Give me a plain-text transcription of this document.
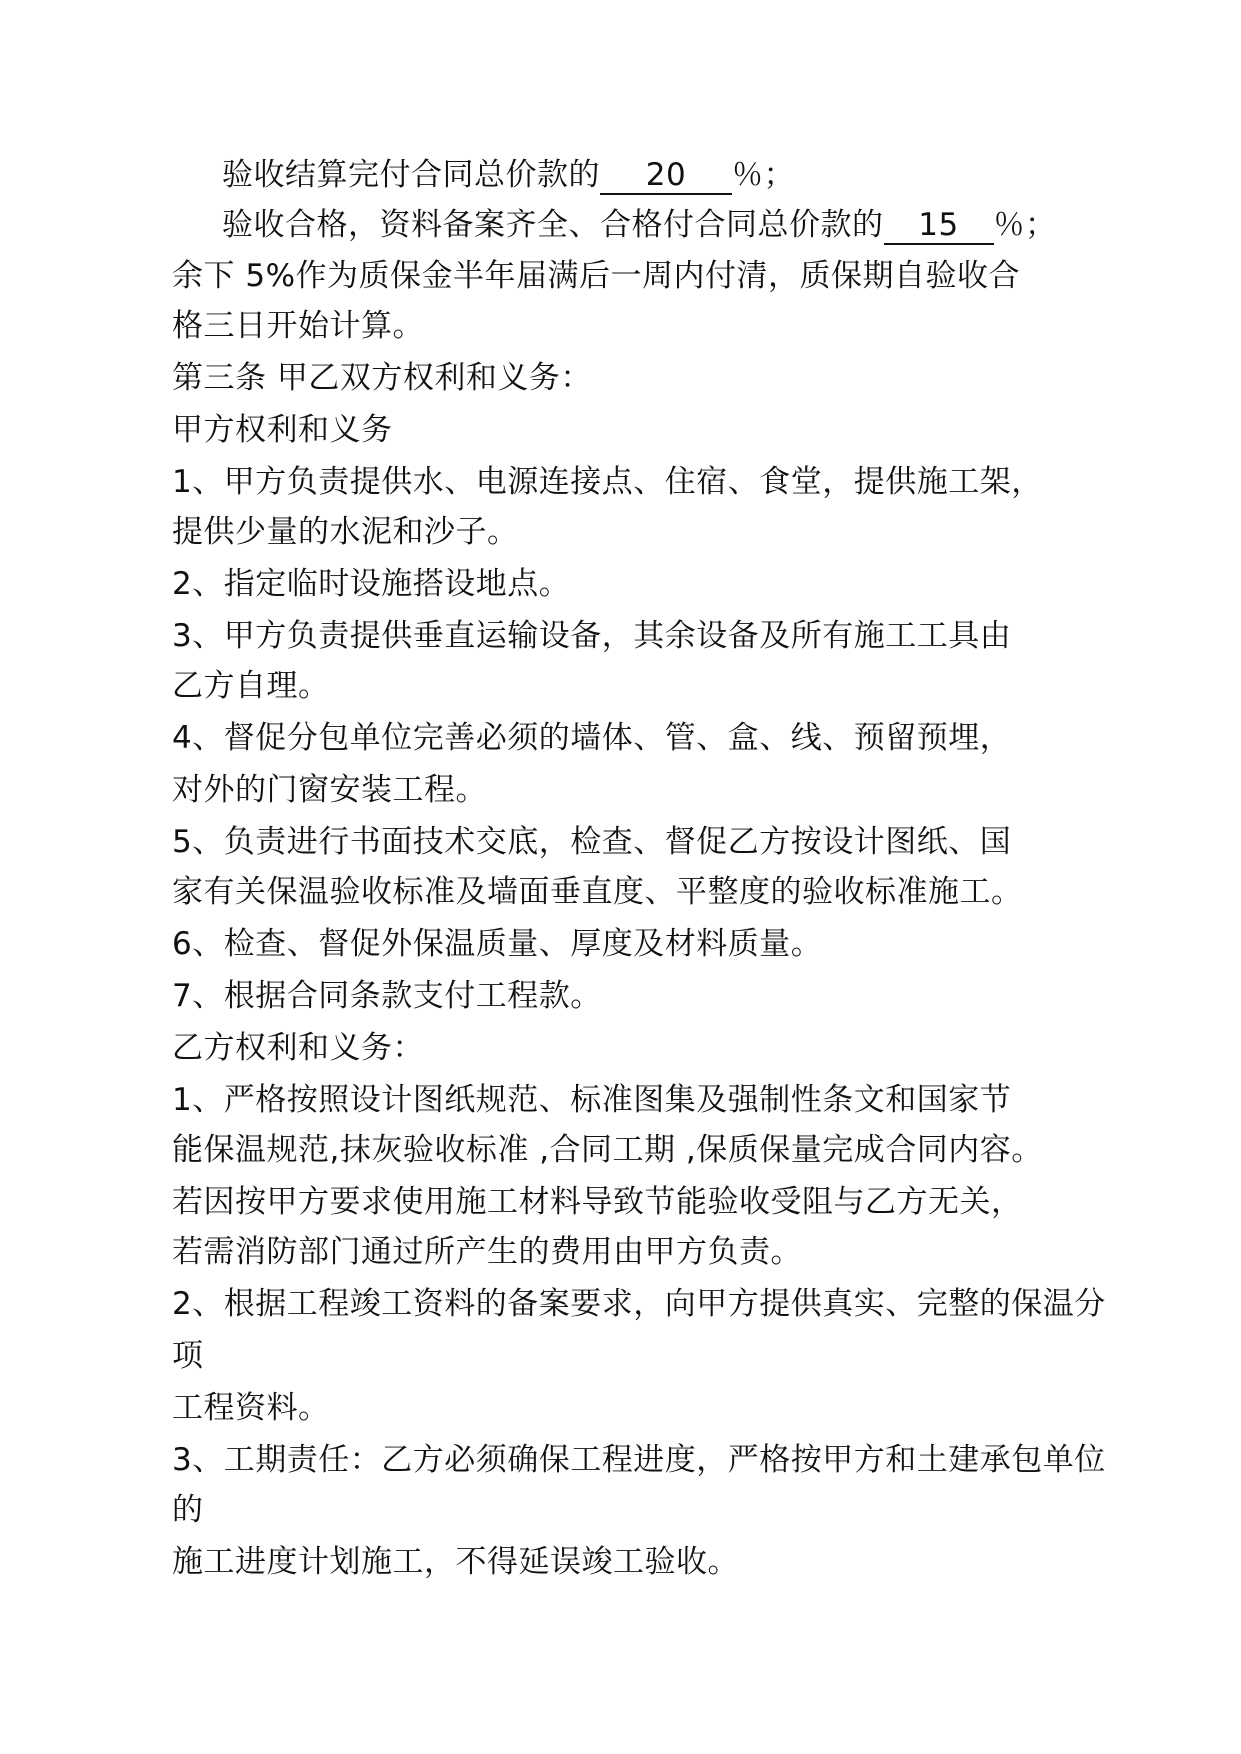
验收结算完付合同总价款的 20 ％；
验收合格，资料备案齐全、合格付合同总价款的 15 ％；
余下 5%作为质保金半年届满后一周内付清，质保期自验收合
格三日开始计算。
第三条 甲乙双方权利和义务：
甲方权利和义务
1、甲方负责提供水、电源连接点、住宿、食堂，提供施工架，
提供少量的水泥和沙子。
2、指定临时设施搭设地点。
3、甲方负责提供垂直运输设备，其余设备及所有施工工具由
乙方自理。
4、督促分包单位完善必须的墙体、管、盒、线、预留预埋，
对外的门窗安装工程。
5、负责进行书面技术交底，检查、督促乙方按设计图纸、国
家有关保温验收标准及墙面垂直度、平整度的验收标准施工。
6、检查、督促外保温质量、厚度及材料质量。
7、根据合同条款支付工程款。
乙方权利和义务：
1、严格按照设计图纸规范、标准图集及强制性条文和国家节
能保温规范,抹灰验收标准 ,合同工期 ,保质保量完成合同内容。
若因按甲方要求使用施工材料导致节能验收受阻与乙方无关，
若需消防部门通过所产生的费用由甲方负责。
2、根据工程竣工资料的备案要求，向甲方提供真实、完整的保温分
项
工程资料。
3、工期责任：乙方必须确保工程进度，严格按甲方和土建承包单位
的
施工进度计划施工，不得延误竣工验收。
